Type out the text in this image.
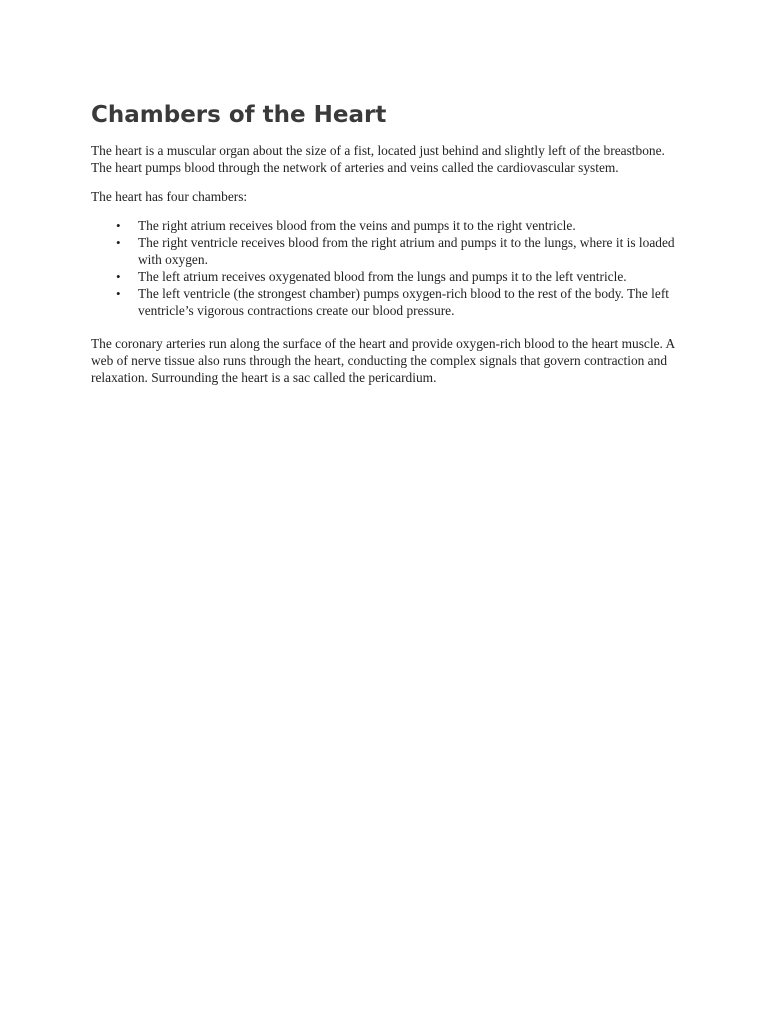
Chambers of the Heart

The heart is a muscular organ about the size of a fist, located just behind and slightly left of the breastbone. The heart pumps blood through the network of arteries and veins called the cardiovascular system.

The heart has four chambers:

• The right atrium receives blood from the veins and pumps it to the right ventricle.
• The right ventricle receives blood from the right atrium and pumps it to the lungs, where it is loaded with oxygen.
• The left atrium receives oxygenated blood from the lungs and pumps it to the left ventricle.
• The left ventricle (the strongest chamber) pumps oxygen-rich blood to the rest of the body. The left ventricle’s vigorous contractions create our blood pressure.

The coronary arteries run along the surface of the heart and provide oxygen-rich blood to the heart muscle. A web of nerve tissue also runs through the heart, conducting the complex signals that govern contraction and relaxation. Surrounding the heart is a sac called the pericardium.
